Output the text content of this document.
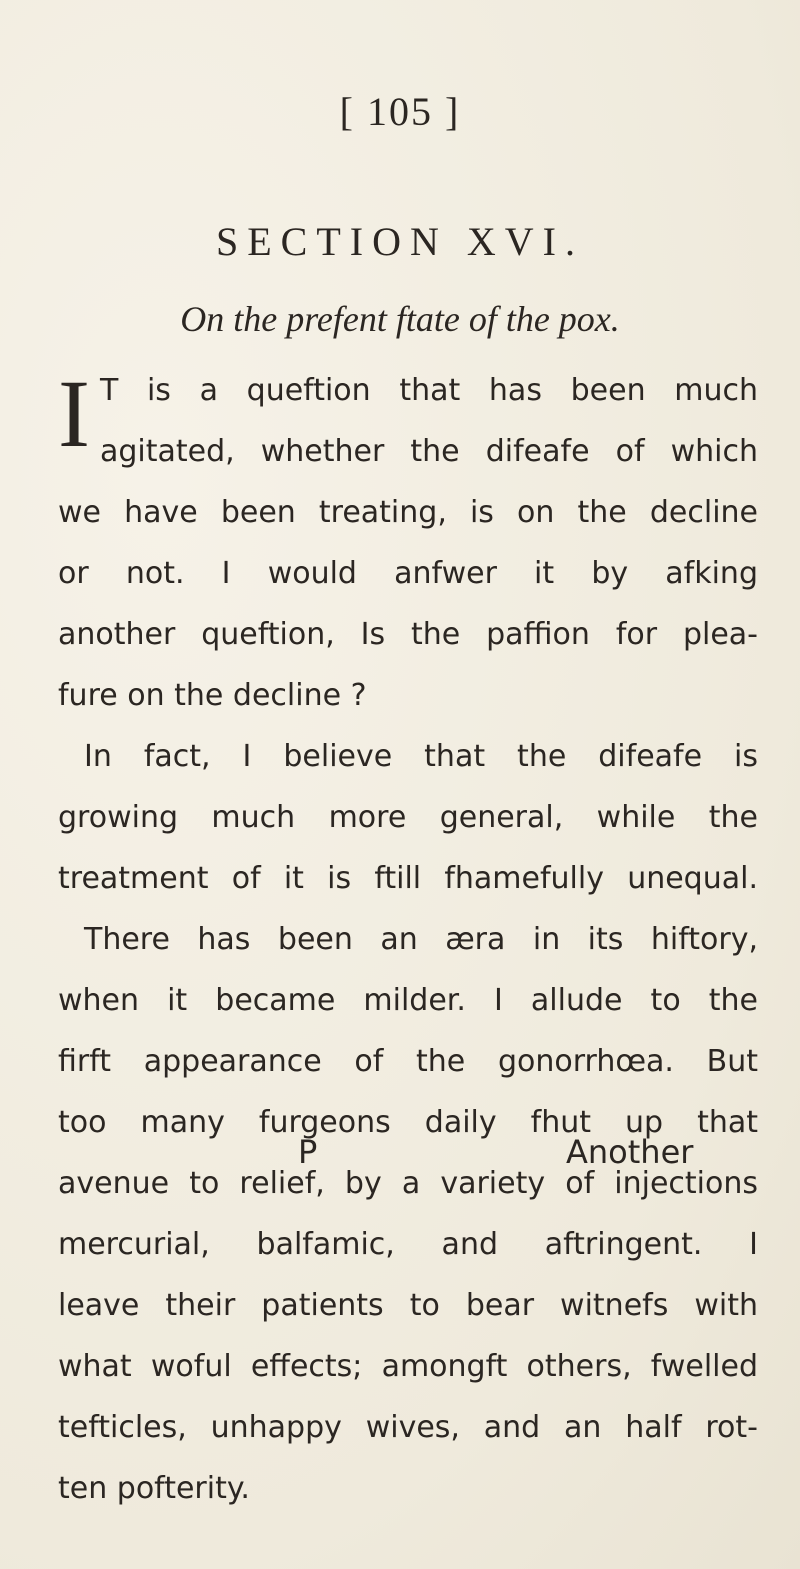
[ 105 ]
SECTION XVI.
On the prefent ftate of the pox.
I T is a queftion that has been much
agitated, whether the difeafe of which
we have been treating, is on the decline
or not. I would anfwer it by afking
another queftion, Is the paffion for plea-
fure on the decline ?
In fact, I believe that the difeafe is
growing much more general, while the
treatment of it is ftill fhamefully unequal.
There has been an æra in its hiftory,
when it became milder. I allude to the
firft appearance of the gonorrhœa. But
too many furgeons daily fhut up that
avenue to relief, by a variety of injections
mercurial, balfamic, and aftringent. I
leave their patients to bear witnefs with
what woful effects; amongft others, fwelled
tefticles, unhappy wives, and an half rot-
ten pofterity.
P	Another
